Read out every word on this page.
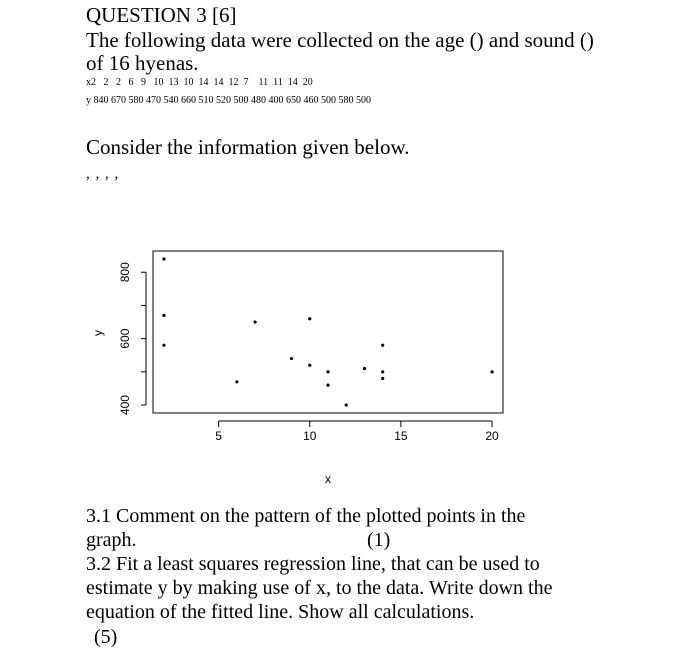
QUESTION 3 [6]
The following data were collected on the age () and sound ()
of 16 hyenas.
x2   2   2   6   9   10  13  10  14  14  12  7    11  11  14  20
y 840 670 580 470 540 660 510 520 500 480 400 650 460 500 580 500
Consider the information given below.
, , , ,
5	10	15	20
400
600
800
x
y
3.1 Comment on the pattern of the plotted points in the
graph.	(1)
3.2 Fit a least squares regression line, that can be used to
estimate y by making use of x, to the data. Write down the
equation of the fitted line. Show all calculations.
(5)
